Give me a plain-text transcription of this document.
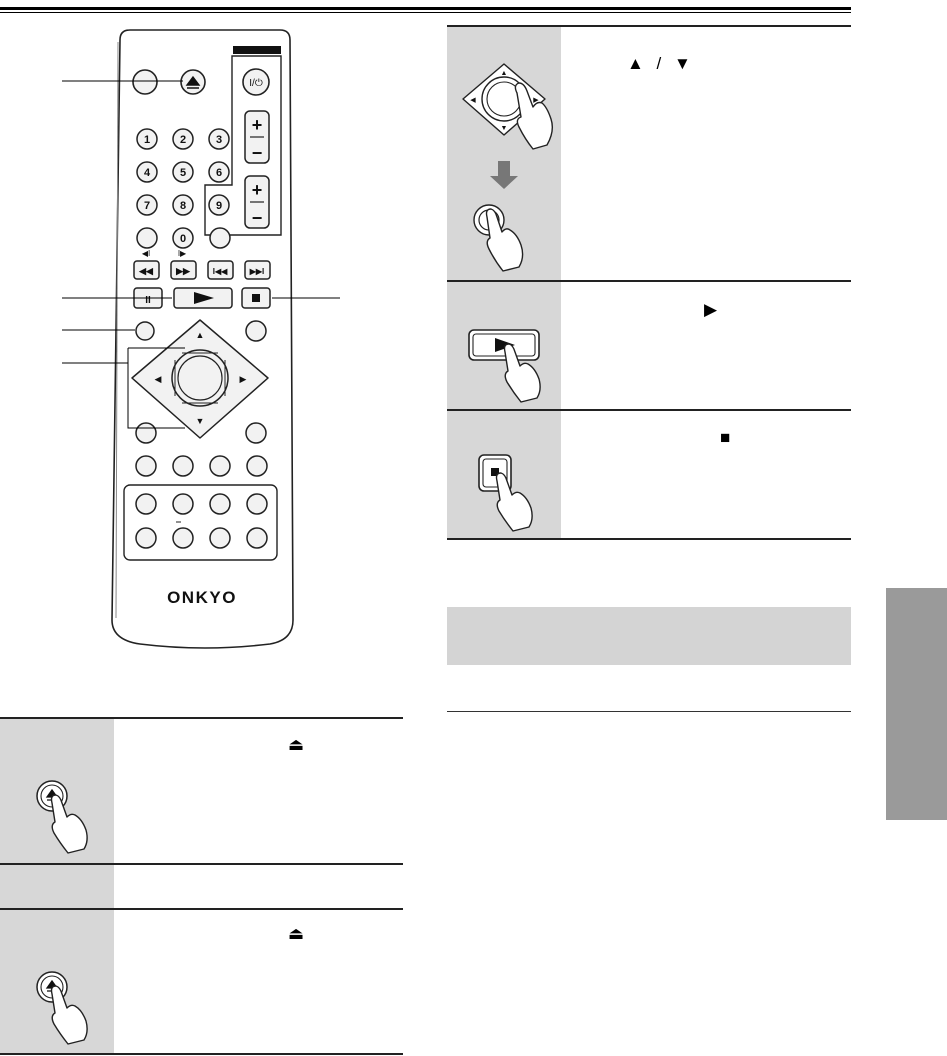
I/⏻
1	2	3
4	5	6
7	8	9
0
+
−
+
−
◀I	I▶
◀◀	▶▶	I◀◀	▶▶I
II
▲
▼
◀	▶
ONKYO
▲
▼
◀	▶
▲ / ▼
▶
■
⏏
⏏
